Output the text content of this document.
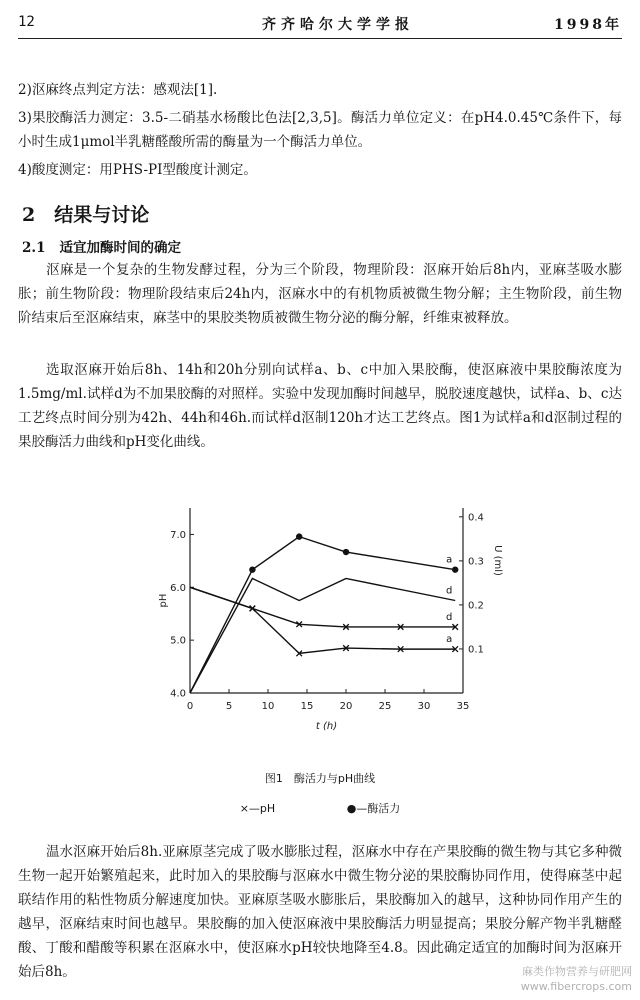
12	齐齐哈尔大学学报	1998年

2)沤麻终点判定方法：感观法[1].

3)果胶酶活力测定：3.5-二硝基水杨酸比色法[2,3,5]。酶活力单位定义：在pH4.0.45℃条件下，每小时生成1μmol半乳糖醛酸所需的酶量为一个酶活力单位。

4)酸度测定：用PHS-PI型酸度计测定。

2　结果与讨论
2.1 适宜加酶时间的确定

沤麻是一个复杂的生物发酵过程，分为三个阶段，物理阶段：沤麻开始后8h内，亚麻茎吸水膨胀；前生物阶段：物理阶段结束后24h内，沤麻水中的有机物质被微生物分解；主生物阶段，前生物阶结束后至沤麻结束，麻茎中的果胶类物质被微生物分泌的酶分解，纤维束被释放。

选取沤麻开始后8h、14h和20h分别向试样a、b、c中加入果胶酶，使沤麻液中果胶酶浓度为1.5mg/ml.试样d为不加果胶酶的对照样。实验中发现加酶时间越早，脱胶速度越快，试样a、b、c达工艺终点时间分别为42h、44h和46h.而试样d沤制120h才达工艺终点。图1为试样a和d沤制过程的果胶酶活力曲线和pH变化曲线。

0	5	10	15	20	25	30	35
4.0
5.0
6.0
7.0
0.1
0.2
0.3
0.4
t (h)
pH
U (ml)
a
d
d
a
图1　酶活力与pH曲线
×—pH	●—酶活力

温水沤麻开始后8h.亚麻原茎完成了吸水膨胀过程，沤麻水中存在产果胶酶的微生物与其它多种微生物一起开始繁殖起来，此时加入的果胶酶与沤麻水中微生物分泌的果胶酶协同作用，使得麻茎中起联结作用的粘性物质分解速度加快。亚麻原茎吸水膨胀后，果胶酶加入的越早，这种协同作用产生的越早，沤麻结束时间也越早。果胶酶的加入使沤麻液中果胶酶活力明显提高；果胶分解产物半乳糖醛酸、丁酸和醋酸等积累在沤麻水中，使沤麻水pH较快地降至4.8。因此确定适宜的加酶时间为沤麻开始后8h。	麻类作物营养与研肥网
www.fibercrops.com
